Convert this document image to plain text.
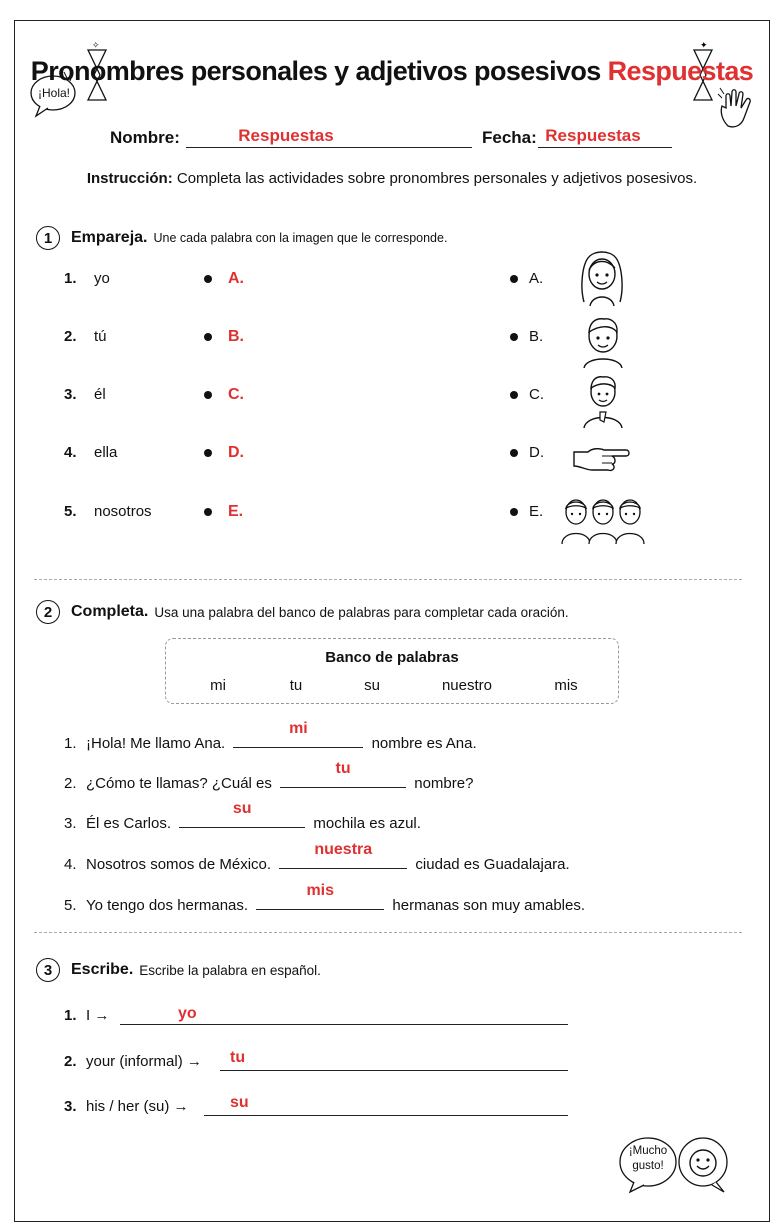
¡Hola!
✧	✦
Pronombres personales y adjetivos posesivos Respuestas
Nombre:	Respuestas	Fecha: Respuestas
Instrucción: Completa las actividades sobre pronombres personales y adjetivos posesivos.
1	Empareja. Une cada palabra con la imagen que le corresponde.
1. yo	A.	A.
2. tú	B.	B.
3. él	C.	C.
4. ella	D.	D.
5. nosotros	E.	E.
2	Completa. Usa una palabra del banco de palabras para completar cada oración.
Banco de palabras
mi	tu	su	nuestro	mis
1. ¡Hola! Me llamo Ana.
mi
nombre es Ana.
2. ¿Cómo te llamas? ¿Cuál es
tu
nombre?
3. Él es Carlos.
su
mochila es azul.
4. Nosotros somos de México.
nuestra
ciudad es Guadalajara.
5. Yo tengo dos hermanas.
mis
hermanas son muy amables.
3	Escribe. Escribe la palabra en español.
1. I →	yo
2. your (informal) → tu
3. his / her (su) →	su
¡Mucho
gusto!
